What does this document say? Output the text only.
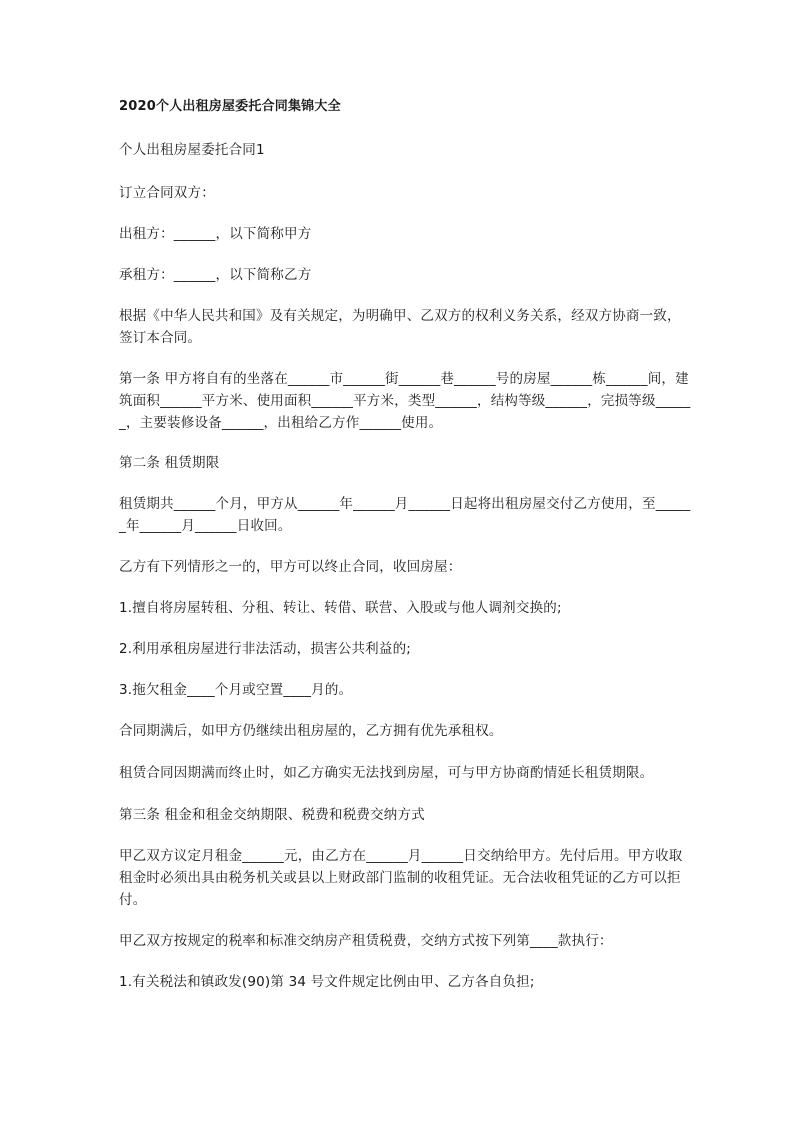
2020个人出租房屋委托合同集锦大全

个人出租房屋委托合同1

订立合同双方：

出租方：______，以下简称甲方

承租方：______，以下简称乙方

根据《中华人民共和国》及有关规定，为明确甲、乙双方的权利义务关系，经双方协商一致，签订本合同。

第一条 甲方将自有的坐落在______市______街______巷______号的房屋______栋______间，建筑面积______平方米、使用面积______平方米，类型______，结构等级______，完损等级______，主要装修设备______，出租给乙方作______使用。

第二条 租赁期限

租赁期共______个月，甲方从______年______月______日起将出租房屋交付乙方使用，至______年______月______日收回。

乙方有下列情形之一的，甲方可以终止合同，收回房屋：

1.擅自将房屋转租、分租、转让、转借、联营、入股或与他人调剂交换的;

2.利用承租房屋进行非法活动，损害公共利益的;

3.拖欠租金____个月或空置____月的。

合同期满后，如甲方仍继续出租房屋的，乙方拥有优先承租权。

租赁合同因期满而终止时，如乙方确实无法找到房屋，可与甲方协商酌情延长租赁期限。

第三条 租金和租金交纳期限、税费和税费交纳方式

甲乙双方议定月租金______元，由乙方在______月______日交纳给甲方。先付后用。甲方收取租金时必须出具由税务机关或县以上财政部门监制的收租凭证。无合法收租凭证的乙方可以拒付。

甲乙双方按规定的税率和标准交纳房产租赁税费，交纳方式按下列第____款执行：

1.有关税法和镇政发(90)第 34 号文件规定比例由甲、乙方各自负担;
